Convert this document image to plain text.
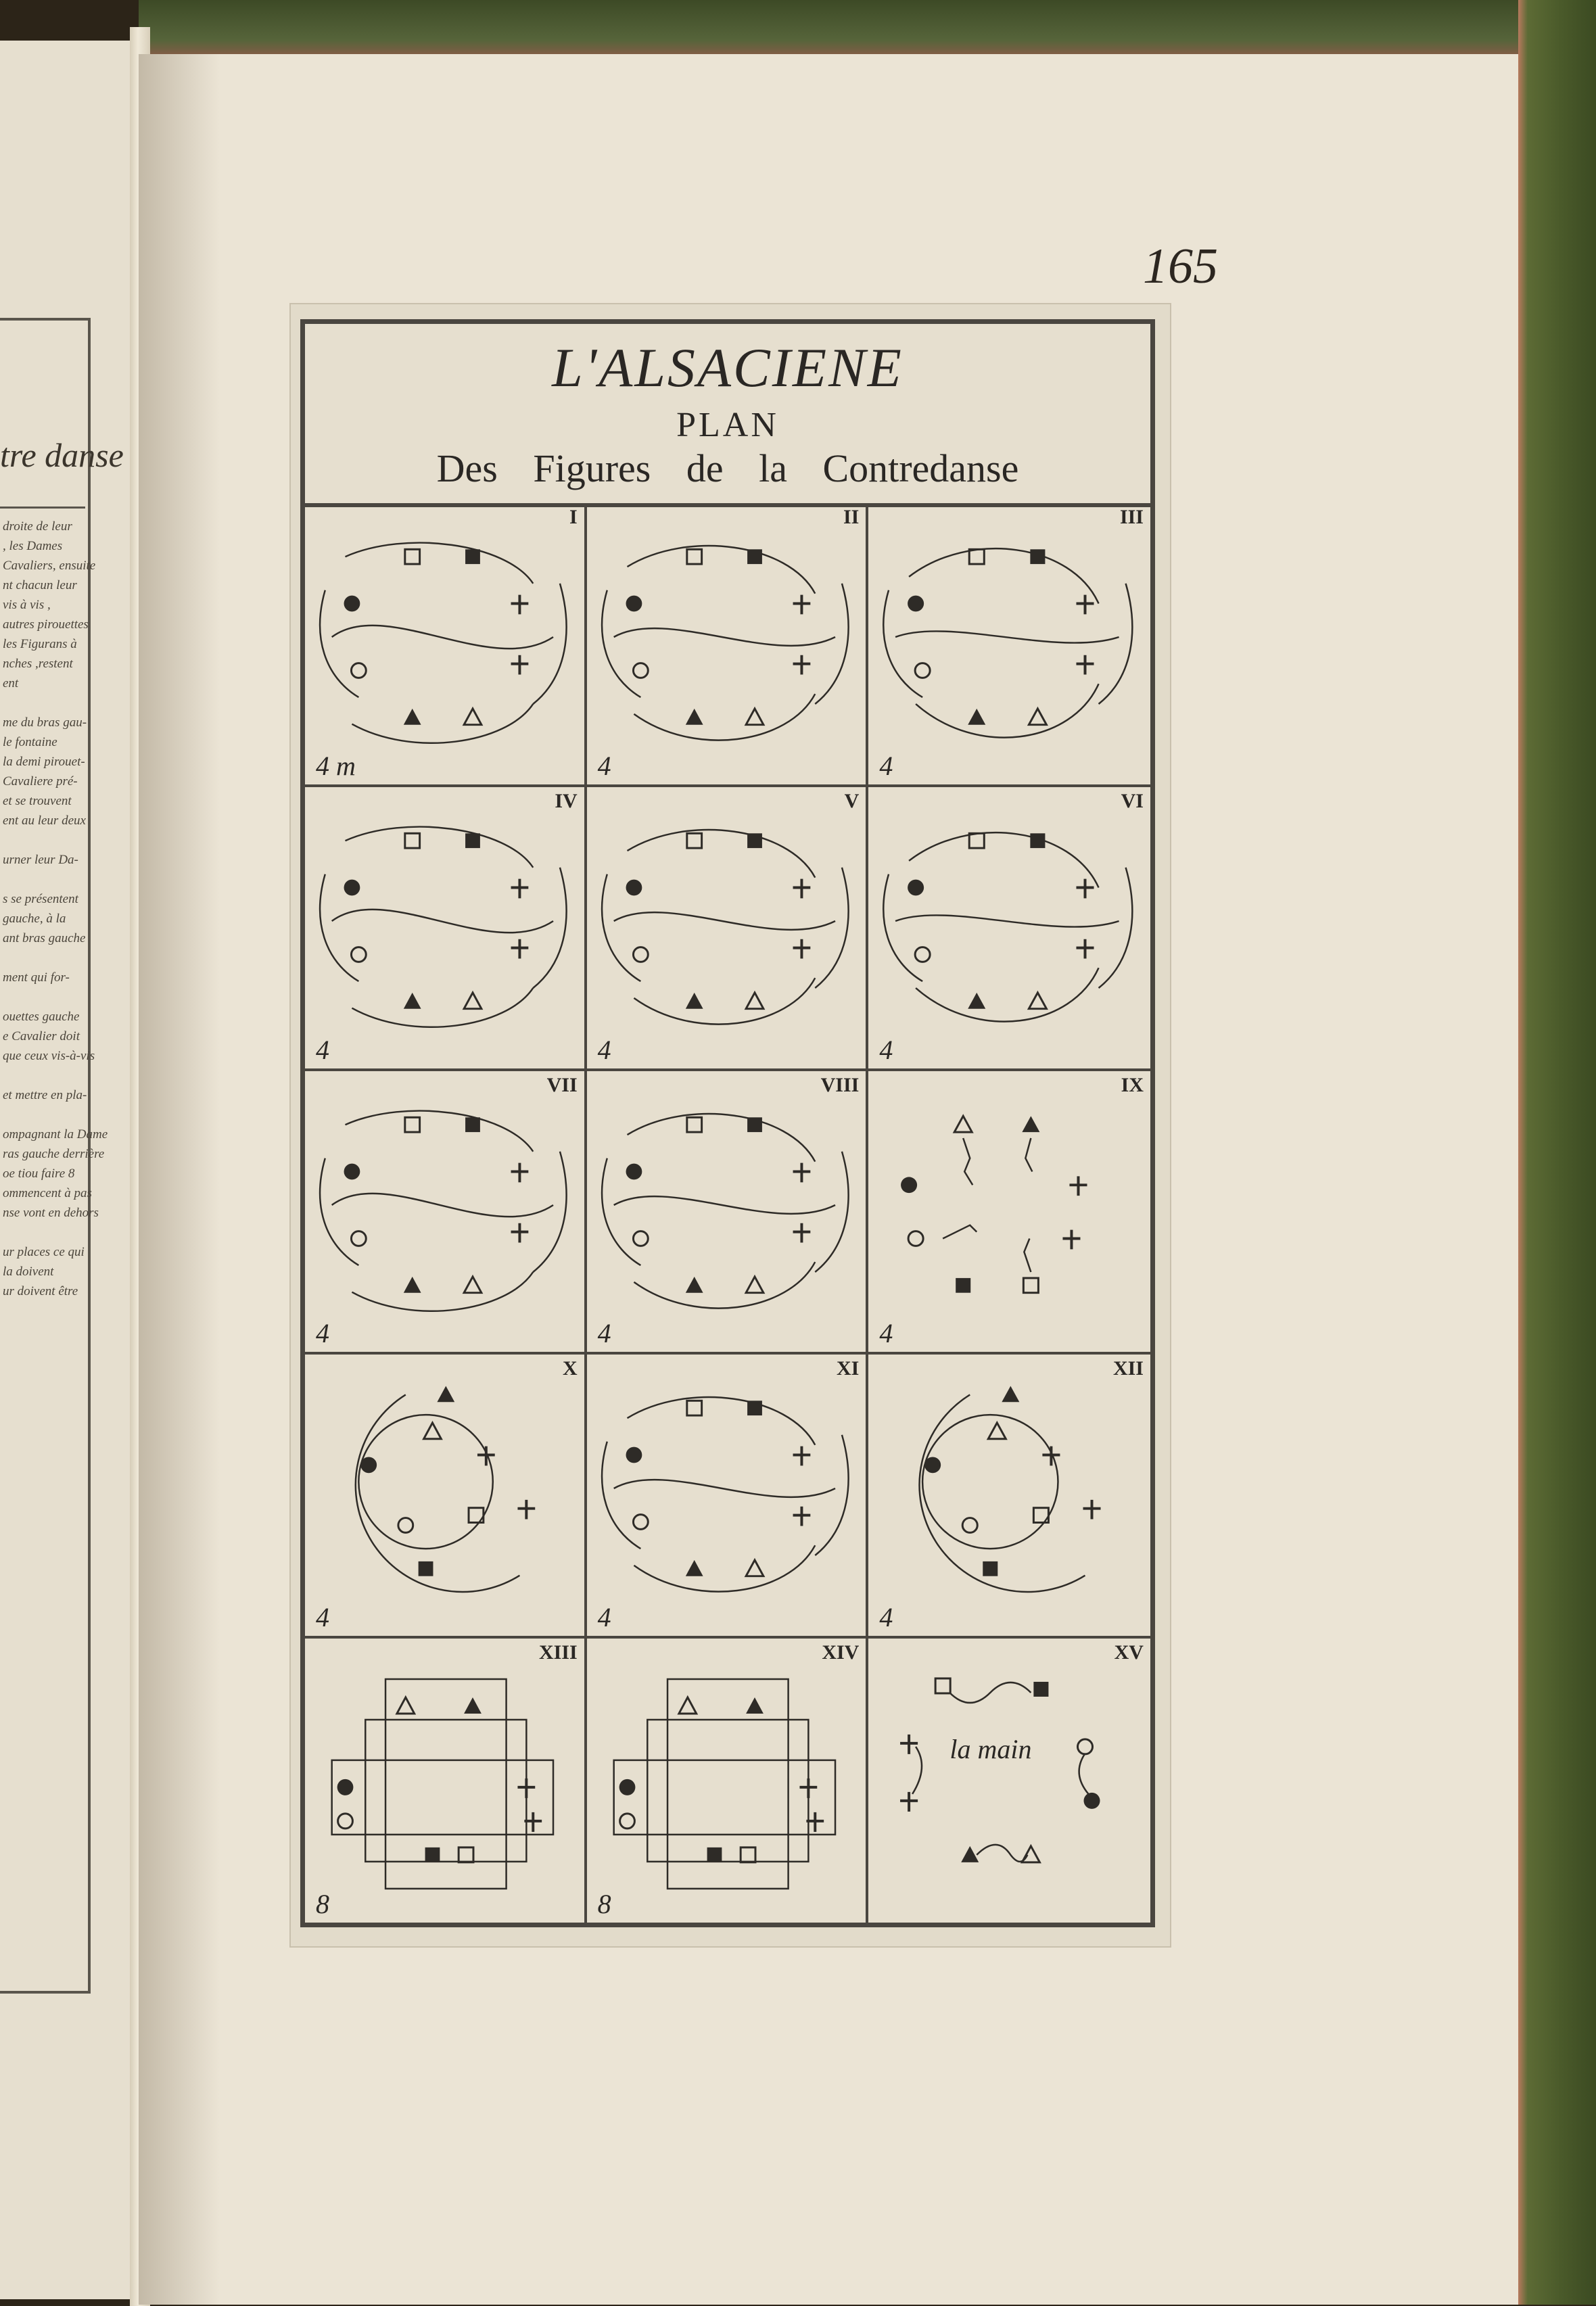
tre danse
droite de leur
, les Dames
Cavaliers, ensuite
nt chacun leur
vis à vis ,
autres pirouettes
les Figurans à
nches ,restent
ent

me du bras gau-
le fontaine
la demi pirouet-
Cavaliere pré-
et se trouvent
ent au leur deux

urner leur Da-

s se présentent
gauche, à la
ant bras gauche

ment qui for-

ouettes gauche
e Cavalier doit
que ceux vis-à-vis

et mettre en pla-

ompagnant la Dame
ras gauche derrière
oe tiou faire 8
ommencent à pas
nse vont en dehors

ur places ce qui
la doivent
ur doivent être
165
L'ALSACIENE
PLAN
Des Figures de la Contredanse
I
4 m
II
4
III
4
IV
4
V
4
VI
4
VII
4
VIII
4
IX
4
X
4
XI
4
XII
4
XIII
8
XIV
8
XV
la main
